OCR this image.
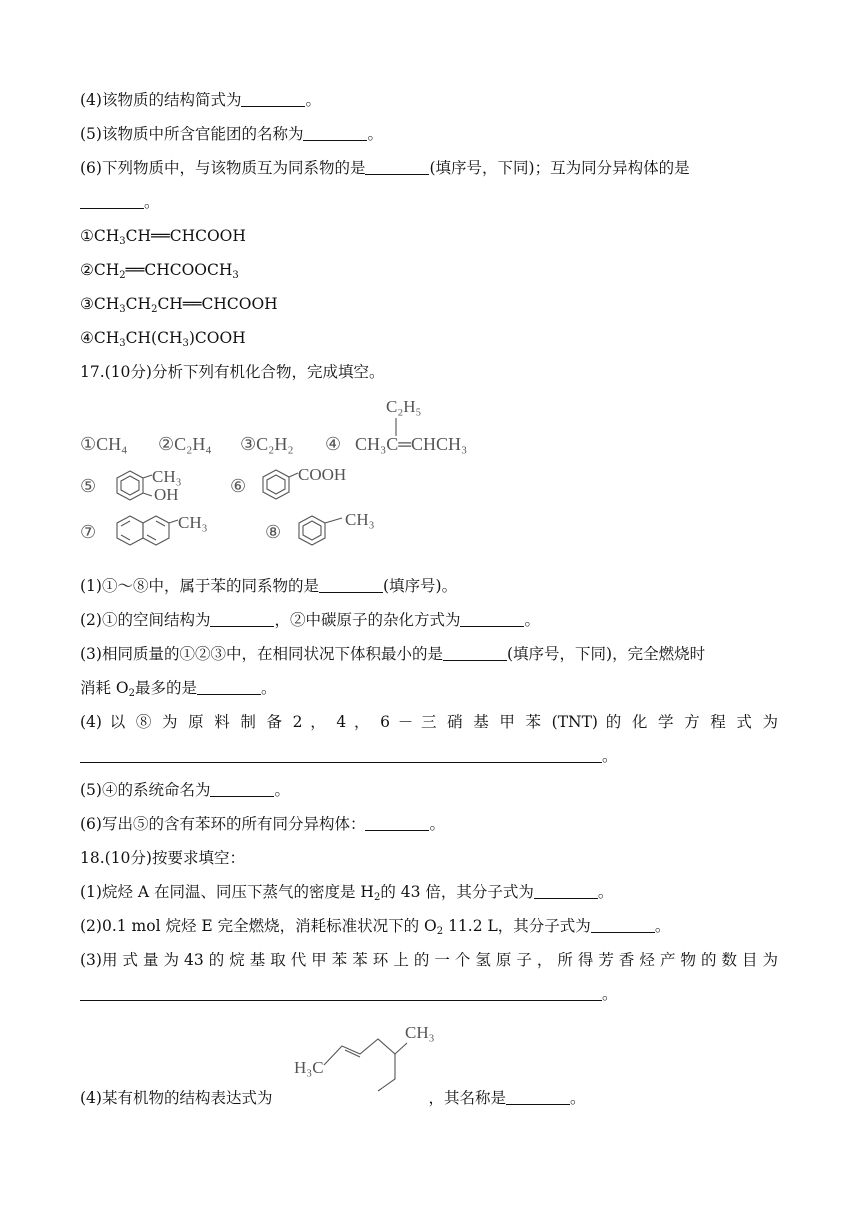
(4)该物质的结构简式为	。
(5)该物质中所含官能团的名称为	。
(6)下列物质中，与该物质互为同系物的是	(填序号，下同)；互为同分异构体的是
。
$①CH_3CH══CHCOOH$
$②CH_2══CHCOOCH_3$
$③CH_3CH_2CH══CHCOOH$
$④CH_3CH(CH_3)COOH$
17.(10分)分析下列有机化合物，完成填空。
①CH₄ ②C₂H₄ ③C₂H₂ ④ CH₃C═CHCH₃
C₂H₅
⑤	CH₃
OH	⑥
COOH
⑦	CH₃	⑧
CH₃
(1)①～⑧中，属于苯的同系物的是	(填序号)。
(2)①的空间结构为	，②中碳原子的杂化方式为	。
(3)相同质量的①②③中，在相同状况下体积最小的是	(填序号，下同)，完全燃烧时
消耗 $O_2$最多的是	。
(4) 以 ⑧ 为 原 料 制 备 2 ， 4 ， 6 － 三 硝 基 甲 苯 (TNT) 的 化 学 方 程 式 为
。
(5)④的系统命名为	。
(6)写出⑤的含有苯环的所有同分异构体：	。
18.(10分)按要求填空：
(1)烷烃 A 在同温、同压下蒸气的密度是 $H_2$的 43 倍，其分子式为	。
(2)0.1 mol 烷烃 E 完全燃烧，消耗标准状况下的 $O_2$ 11.2 L，其分子式为	。
(3)用 式 量 为 43 的 烷 基 取 代 甲 苯 苯 环 上 的 一 个 氢 原 子 ， 所 得 芳 香 烃 产 物 的 数 目 为
。
H₃C
CH₃
(4)某有机物的结构表达式为	，其名称是	。
